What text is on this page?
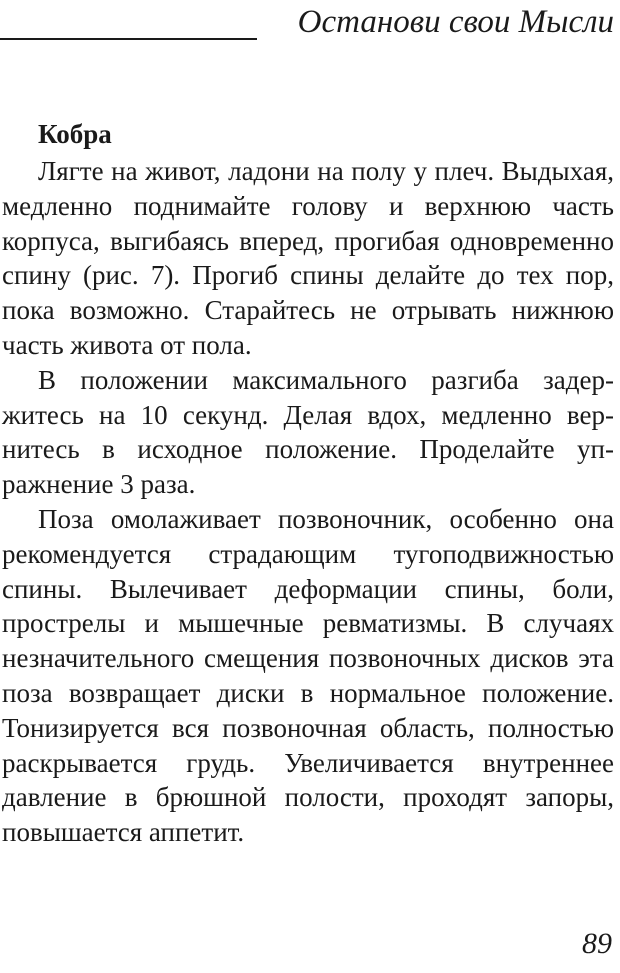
Останови свои Мысли
Кобра

Лягте на живот, ладони на полу у плеч. Выдыхая, медленно поднимайте голову и верхнюю часть корпуса, выгибаясь вперед, прогибая одновременно спину (рис. 7). Прогиб спины делайте до тех пор, пока возможно. Старайтесь не отрывать нижнюю часть живота от пола.

В положении максимального разгиба задержитесь на 10 секунд. Делая вдох, медленно вернитесь в исходное положение. Проделайте упражнение 3 раза.

Поза омолаживает позвоночник, особенно она рекомендуется страдающим тугоподвижностью спины. Вылечивает деформации спины, боли, прострелы и мышечные ревматизмы. В случаях незначительного смещения позвоночных дисков эта поза возвращает диски в нормальное положение. Тонизируется вся позвоночная область, полностью раскрывается грудь. Увеличивается внутреннее давление в брюшной полости, проходят запоры, повышается аппетит.

89
